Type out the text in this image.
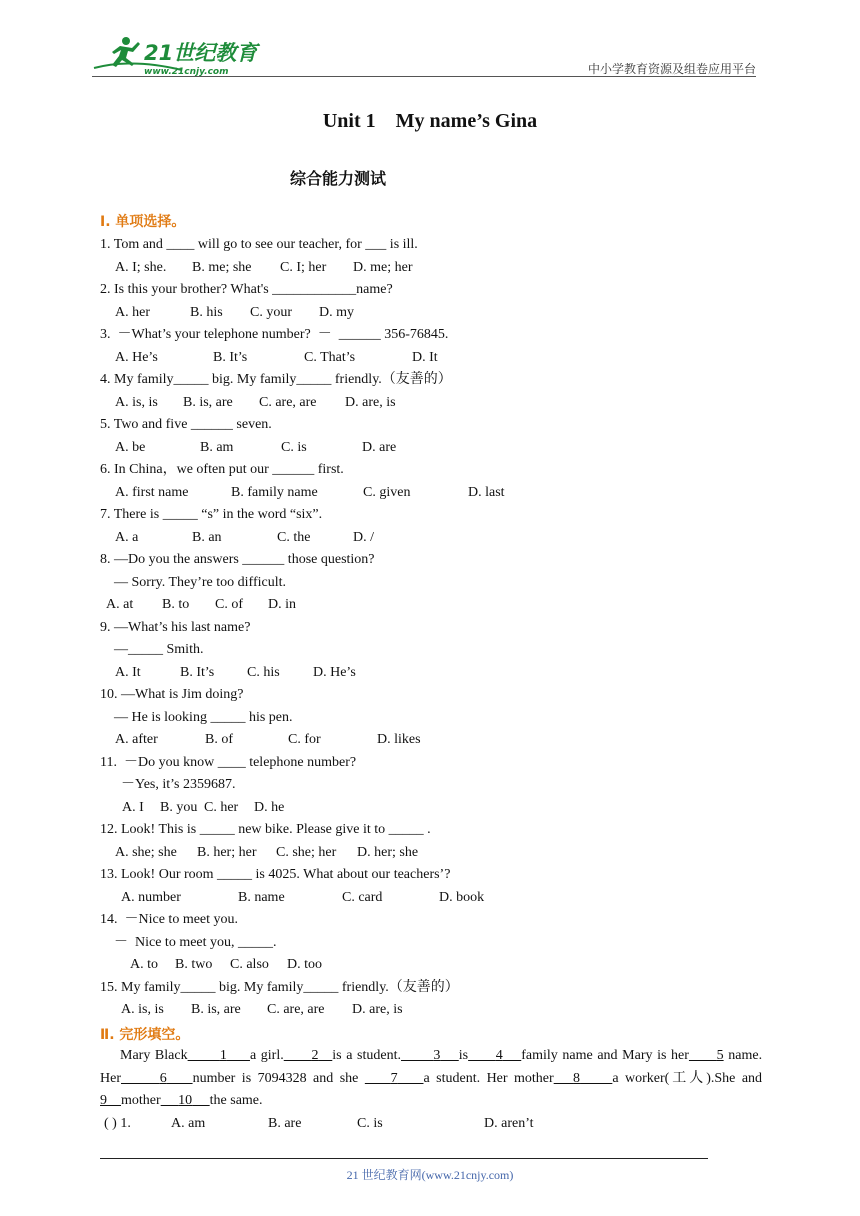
21世纪教育
www.21cnjy.com	中小学教育资源及组卷应用平台
Unit 1 My name’s Gina
综合能力测试
I. 单项选择。
1. Tom and ____ will go to see our teacher, for ___ is ill.
A. I; she. B. me; she C. I; her D. me; her
2. Is this your brother? What's ____________name?
A. her	B. his C. your D. my
3.  －What’s your telephone number?  －  ______ 356-76845.
A. He’s	B. It’s	C. That’s	D. It
4. My family_____ big. My family_____ friendly.（友善的）
A. is, is B. is, are C. are, are D. are, is
5. Two and five ______ seven.
A. be	B. am	C. is	D. are
6. In China，we often put our ______ first.
A. first name	B. family name	C. given	D. last
7. There is _____ “s” in the word “six”.
A. a	B. an	C. the	D. /
8. —Do you the answers ______ those question?
— Sorry. They’re too difficult.
A. at B. to C. of D. in
9. —What’s his last name?
—_____ Smith.
A. It	B. It’s C. his D. He’s
10. —What is Jim doing?
— He is looking _____ his pen.
A. after	B. of	C. for	D. likes
11.  －Do you know ____ telephone number?
－Yes, it’s 2359687.
A. I B. you C. her D. he
12. Look! This is _____ new bike. Please give it to _____ .
A. she; she B. her; her C. she; her D. her; she
13. Look! Our room _____ is 4025. What about our teachers’?
A. number	B. name	C. card	D. book
14.  －Nice to meet you.
－  Nice to meet you, _____.
A. to B. two C. also D. too
15. My family_____ big. My family_____ friendly.（友善的）
A. is, is B. is, are C. are, are D. are, is
Ⅱ. 完形填空。
Mary Black 1 a girl. 2 is a student. 3 is 4 family name and Mary is her 5 name. Her	6 number is 7094328 and she     7 a student. Her mother 8 a worker(工人).She and 9 mother 10 the same.
( ) 1.	A. am	B. are	C. is	D. aren’t
21 世纪教育网(www.21cnjy.com)
